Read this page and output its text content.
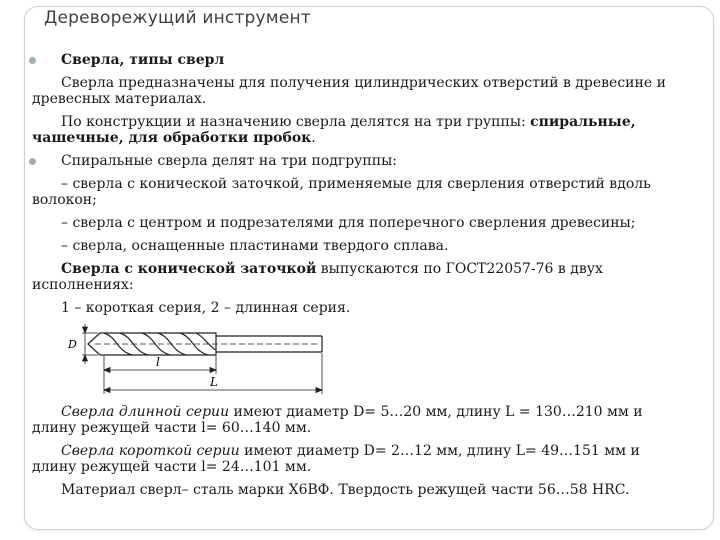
Дереворежущий инструмент
Сверла, типы сверл
Сверла предназначены для получения цилиндрических отверстий в древесине и древесных материалах.
По конструкции и назначению сверла делятся на три группы: спиральные, чашечные, для обработки пробок.
Спиральные сверла делят на три подгруппы:
– сверла с конической заточкой, применяемые для сверления отверстий вдоль волокон;
– сверла с центром и подрезателями для поперечного сверления древесины;
– сверла, оснащенные пластинами твердого сплава.
Сверла с конической заточкой выпускаются по ГОСТ22057-76 в двух исполнениях:
1 – короткая серия, 2 – длинная серия.
D
l
L
Сверла длинной серии имеют диаметр D= 5…20 мм, длину L = 130…210 мм и длину режущей части l= 60…140 мм.
Сверла короткой серии имеют диаметр D= 2…12 мм, длину L= 49…151 мм и длину режущей части l= 24…101 мм.
Материал сверл– сталь марки Х6ВФ. Твердость режущей части 56…58 HRC.
